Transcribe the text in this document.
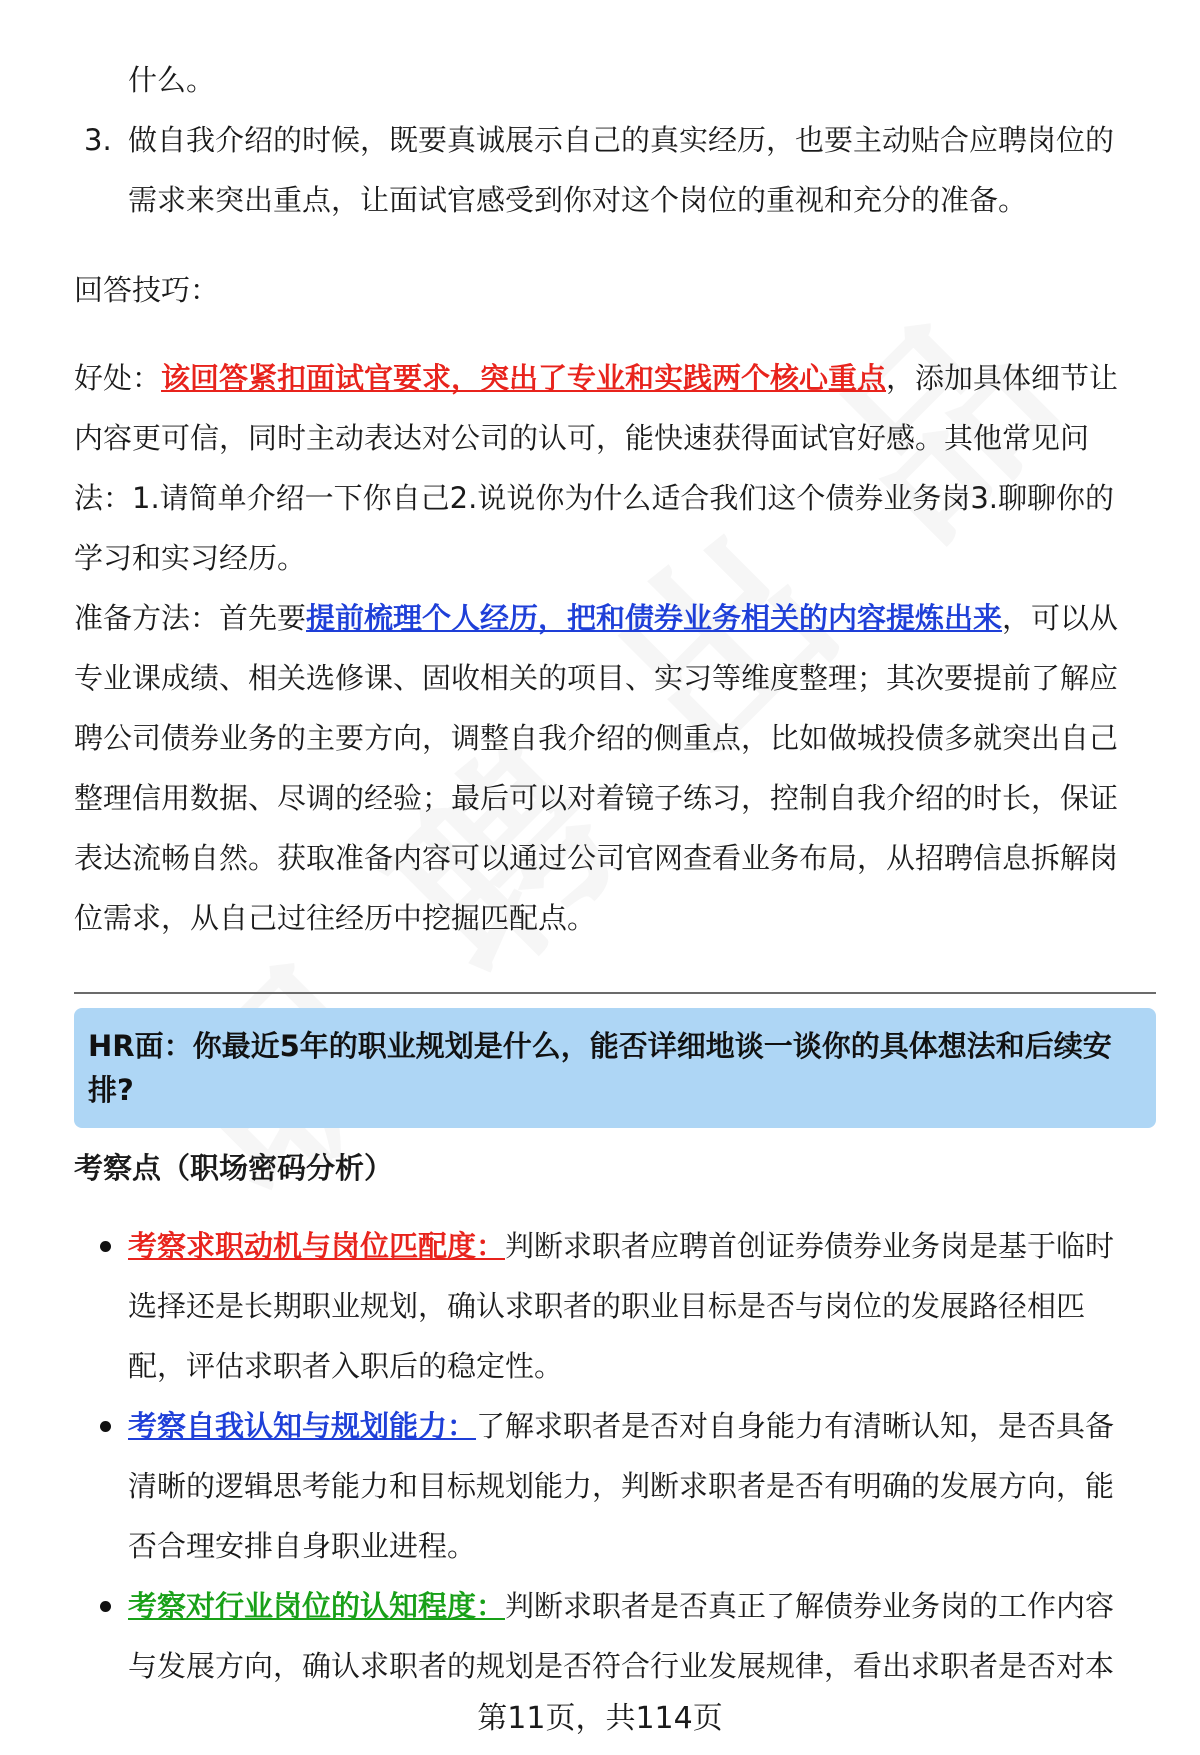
什么。
3. 做自我介绍的时候，既要真诚展示自己的真实经历，也要主动贴合应聘岗位的
需求来突出重点，让面试官感受到你对这个岗位的重视和充分的准备。
回答技巧：
好处：该回答紧扣面试官要求，突出了专业和实践两个核心重点，添加具体细节让
内容更可信，同时主动表达对公司的认可，能快速获得面试官好感。其他常见问
法：1.请简单介绍一下你自己2.说说你为什么适合我们这个债券业务岗3.聊聊你的
学习和实习经历。
准备方法：首先要提前梳理个人经历，把和债券业务相关的内容提炼出来，可以从
专业课成绩、相关选修课、固收相关的项目、实习等维度整理；其次要提前了解应
聘公司债券业务的主要方向，调整自我介绍的侧重点，比如做城投债多就突出自己
整理信用数据、尽调的经验；最后可以对着镜子练习，控制自我介绍的时长，保证
表达流畅自然。获取准备内容可以通过公司官网查看业务布局，从招聘信息拆解岗
位需求，从自己过往经历中挖掘匹配点。
HR面：你最近5年的职业规划是什么，能否详细地谈一谈你的具体想法和后续安
排?
考察点（职场密码分析）
考察求职动机与岗位匹配度：判断求职者应聘首创证券债券业务岗是基于临时
选择还是长期职业规划，确认求职者的职业目标是否与岗位的发展路径相匹
配，评估求职者入职后的稳定性。
考察自我认知与规划能力：了解求职者是否对自身能力有清晰认知，是否具备
清晰的逻辑思考能力和目标规划能力，判断求职者是否有明确的发展方向，能
否合理安排自身职业进程。
考察对行业岗位的认知程度：判断求职者是否真正了解债券业务岗的工作内容
与发展方向，确认求职者的规划是否符合行业发展规律，看出求职者是否对本
第11页，共114页
